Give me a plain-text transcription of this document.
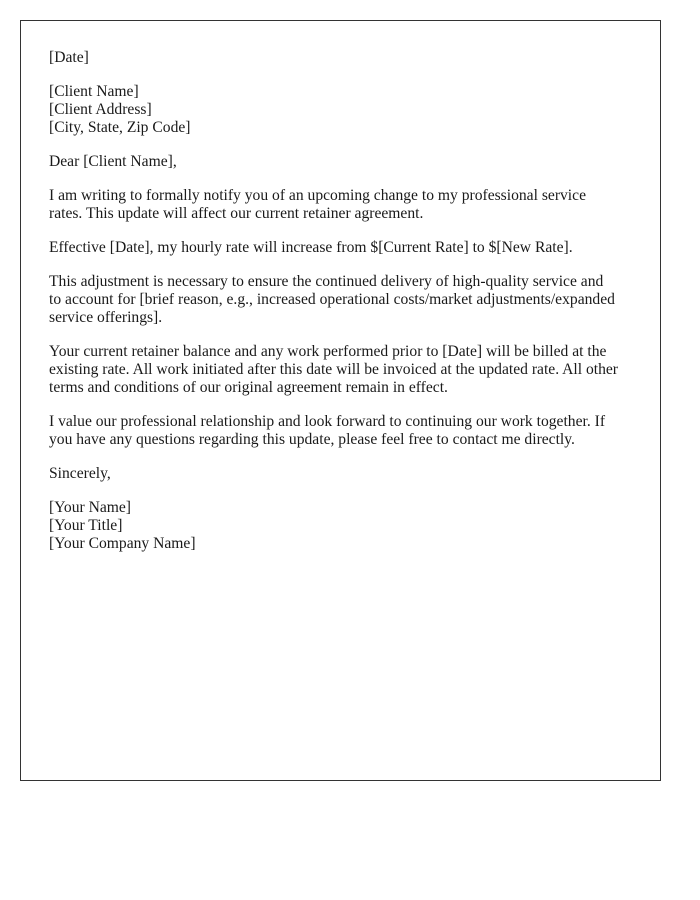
[Date]
[Client Name]
[Client Address]
[City, State, Zip Code]
Dear [Client Name],

I am writing to formally notify you of an upcoming change to my professional service
rates. This update will affect our current retainer agreement.

Effective [Date], my hourly rate will increase from $[Current Rate] to $[New Rate].

This adjustment is necessary to ensure the continued delivery of high-quality service and
to account for [brief reason, e.g., increased operational costs/market adjustments/expanded
service offerings].

Your current retainer balance and any work performed prior to [Date] will be billed at the
existing rate. All work initiated after this date will be invoiced at the updated rate. All other
terms and conditions of our original agreement remain in effect.

I value our professional relationship and look forward to continuing our work together. If
you have any questions regarding this update, please feel free to contact me directly.

Sincerely,
[Your Name]
[Your Title]
[Your Company Name]
